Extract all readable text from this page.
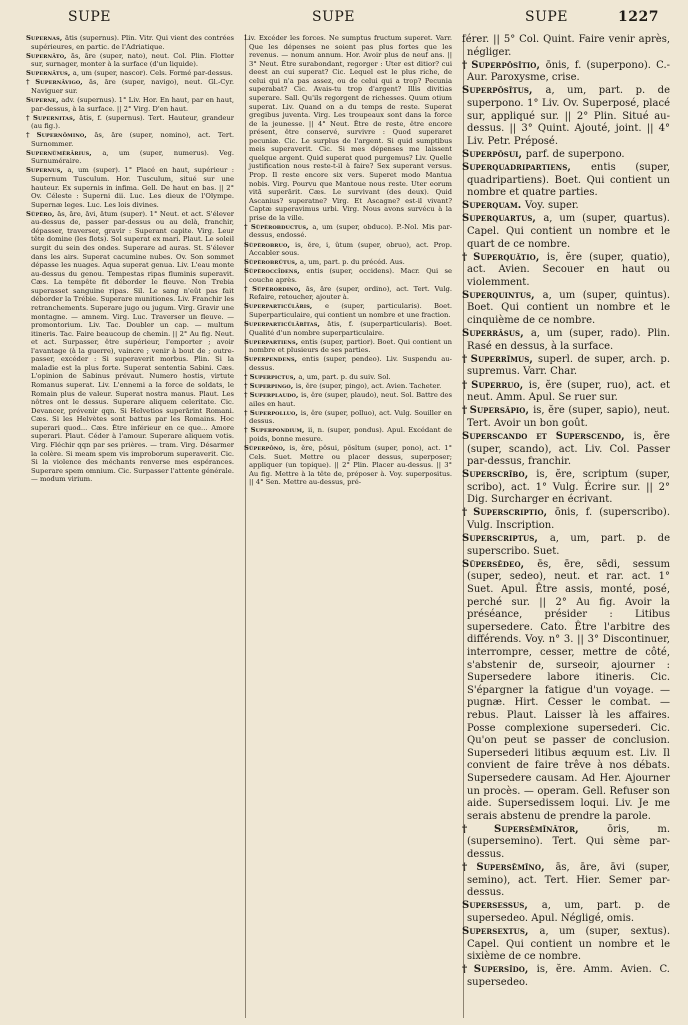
SUPE	SUPE	SUPE	1227

Supernas, ātis (supernus). Plin. Vitr. Qui vient des contrées supérieures, en partic. de l'Adriatique.

Supernāto, ās, āre (super, nato), neut. Col. Plin. Flotter sur, surnager, monter à la surface (d'un liquide).

Supernātus, a, um (super, nascor). Cels. Formé par-dessus.

† Supernāvigo, ās, āre (super, navigo), neut. Gl.-Cyr. Naviguer sur.

Superne, adv. (supernus). 1° Liv. Hor. En haut, par en haut, par-dessus, à la surface. || 2° Virg. D'en haut.

† Supernitas, ātis, f. (supernus). Tert. Hauteur, grandeur (au fig.).

† Supernōmino, ās, āre (super, nomino), act. Tert. Surnommer.

Supernŭmĕrārius, a, um (super, numerus). Veg. Surnuméraire.

Supernus, a, um (super). 1° Placé en haut, supérieur : Supernum Tusculum. Hor. Tusculum, situé sur une hauteur. Ex supernis in infima. Gell. De haut en bas. || 2° Ov. Céleste : Superni dii. Luc. Les dieux de l'Olympe. Supernæ leges. Luc. Les lois divines.

Sŭpĕro, ās, āre, āvi, ātum (super). 1° Neut. et act. S'élever au-dessus de, passer par-dessus ou au delà, franchir, dépasser, traverser, gravir : Superant capite. Virg. Leur tête domine (les flots). Sol superat ex mari. Plaut. Le soleil surgit du sein des ondes. Superare ad auras. St. S'élever dans les airs. Superat cacumine nubes. Ov. Son sommet dépasse les nuages. Aqua superat genua. Liv. L'eau monte au-dessus du genou. Tempestas ripas fluminis superavit. Cæs. La tempête fit déborder le fleuve. Non Trebia superasset sanguine ripas. Sil. Le sang n'eût pas fait déborder la Trébie. Superare munitiones. Liv. Franchir les retranchements. Superare jugo ou jugum. Virg. Gravir une montagne. — amnem. Virg. Luc. Traverser un fleuve. — promontorium. Liv. Tac. Doubler un cap. — multum itineris. Tac. Faire beaucoup de chemin. || 2° Au fig. Neut. et act. Surpasser, être supérieur, l'emporter ; avoir l'avantage (à la guerre), vaincre ; venir à bout de ; outre-passer, excéder : Si superaverit morbus. Plin. Si la maladie est la plus forte. Superat sententia Sabini. Cæs. L'opinion de Sabinus prévaut. Numero hostis, virtute Romanus superat. Liv. L'ennemi a la force de soldats, le Romain plus de valeur. Superat nostra manus. Plaut. Les nôtres ont le dessus. Superare aliquem celeritate. Cic. Devancer, prévenir qqn. Si Helvetios superārint Romani. Cæs. Si les Helvètes sont battus par les Romains. Hoc superari quod... Cæs. Être inférieur en ce que... Amore superari. Plaut. Céder à l'amour. Superare aliquem votis. Virg. Fléchir qqn par ses prières. — tram. Virg. Désarmer la colère. Si meam spem vis improborum superaverit. Cic. Si la violence des méchants renverse mes espérances. Superare spem omnium. Cic. Surpasser l'attente générale. — modum virium.

Liv. Excéder les forces. Ne sumptus fructum superet. Varr. Que les dépenses ne soient pas plus fortes que les revenus. — nonum annum. Hor. Avoir plus de neuf ans. || 3° Neut. Être surabondant, regorger : Uter est ditior? cui deest an cui superat? Cic. Lequel est le plus riche, de celui qui n'a pas assez, ou de celui qui a trop? Pecunia superabat? Cic. Avais-tu trop d'argent? Illis divitias superare. Sall. Qu'ils regorgent de richesses. Quum otium superat. Liv. Quand on a du temps de reste. Superat gregibus juventa. Virg. Les troupeaux sont dans la force de la jeunesse. || 4° Neut. Être de reste, être encore présent, être conservé, survivre : Quod superaret pecuniæ. Cic. Le surplus de l'argent. Si quid sumptibus meis superaverit. Cic. Si mes dépenses me laissent quelque argent. Quid superat quod purgemus? Liv. Quelle justification nous reste-t-il à faire? Sex superant versus. Prop. Il reste encore six vers. Superet modo Mantua nobis. Virg. Pourvu que Mantoue nous reste. Uter eorum vitā superārit. Cæs. Le survivant (des deux). Quid Ascanius? superatne? Virg. Et Ascagne? est-il vivant? Captæ superavimus urbi. Virg. Nous avons survécu à la prise de la ville.

† Sŭpĕrobductus, a, um (super, obduco). P.-Nol. Mis par-dessus, endossé.

Sŭpĕrobruo, is, ĕre, i, ŭtum (super, obruo), act. Prop. Accabler sous.

Sŭpĕrobrŭtus, a, um, part. p. du précéd. Aus.

Sŭpĕroccīdens, entis (super, occidens). Macr. Qui se couche après.

† Sŭpĕrordino, ās, āre (super, ordino), act. Tert. Vulg. Refaire, retoucher, ajouter à.

Superparticŭlāris, e (super, particularis). Boet. Superparticulaire, qui contient un nombre et une fraction.

Superparticŭlārĭtas, ātis, f. (superparticularis). Boet. Qualité d'un nombre superparticulaire.

Superpartiens, entis (super, partior). Boet. Qui contient un nombre et plusieurs de ses parties.

Superpendens, entis (super, pendeo). Liv. Suspendu au-dessus.

† Superpictus, a, um, part. p. du suiv. Sol.

† Superpingo, is, ĕre (super, pingo), act. Avien. Tacheter.

† Superplaudo, is, ĕre (super, plaudo), neut. Sol. Battre des ailes en haut.

† Superpolluo, is, ĕre (super, polluo), act. Vulg. Souiller en dessus.

† Superpondium, ii, n. (super, pondus). Apul. Excédant de poids, bonne mesure.

Sŭperpōno, is, ĕre, pŏsui, pŏsĭtum (super, pono), act. 1° Cels. Suet. Mettre ou placer dessus, superposer; appliquer (un topique). || 2° Plin. Placer au-dessus. || 3° Au fig. Mettre à la tête de, préposer à. Voy. superpositus. || 4° Sen. Mettre au-dessus, pré-

férer. || 5° Col. Quint. Faire venir après, négliger.

† Superpŏsĭtio, ōnis, f. (superpono). C.-Aur. Paroxysme, crise.

Superpŏsĭtus, a, um, part. p. de superpono. 1° Liv. Ov. Superposé, placé sur, appliqué sur. || 2° Plin. Situé au-dessus. || 3° Quint. Ajouté, joint. || 4° Liv. Petr. Préposé.

Superpŏsui, parf. de superpono.

Superquadripartiens, entis (super, quadripartiens). Boet. Qui contient un nombre et quatre parties.

Superquam. Voy. super.

Superquartus, a, um (super, quartus). Capel. Qui contient un nombre et le quart de ce nombre.

† Superquătio, is, ĕre (super, quatio), act. Avien. Secouer en haut ou violemment.

Superquintus, a, um (super, quintus). Boet. Qui contient un nombre et le cinquième de ce nombre.

Superrāsus, a, um (super, rado). Plin. Rasé en dessus, à la surface.

† Superrĭmus, superl. de super, arch. p. supremus. Varr. Char.

† Superruo, is, ĕre (super, ruo), act. et neut. Amm. Apul. Se ruer sur.

† Supersăpio, is, ĕre (super, sapio), neut. Tert. Avoir un bon goût.

Superscando et Superscendo, is, ĕre (super, scando), act. Liv. Col. Passer par-dessus, franchir.

Superscrībo, is, ĕre, scriptum (super, scribo), act. 1° Vulg. Écrire sur. || 2° Dig. Surcharger en écrivant.

† Superscriptio, ōnis, f. (superscribo). Vulg. Inscription.

Superscriptus, a, um, part. p. de superscribo. Suet.

Sŭpersĕdeo, ēs, ēre, sēdi, sessum (super, sedeo), neut. et rar. act. 1° Suet. Apul. Être assis, monté, posé, perché sur. || 2° Au fig. Avoir la préséance, présider : Litibus supersedere. Cato. Être l'arbitre des différends. Voy. n° 3. || 3° Discontinuer, interrompre, cesser, mettre de côté, s'abstenir de, surseoir, ajourner : Supersedere labore itineris. Cic. S'épargner la fatigue d'un voyage. — pugnæ. Hirt. Cesser le combat. — rebus. Plaut. Laisser là les affaires. Posse complexione supersederi. Cic. Qu'on peut se passer de conclusion. Supersederi litibus æquum est. Liv. Il convient de faire trêve à nos débats. Supersedere causam. Ad Her. Ajourner un procès. — operam. Gell. Refuser son aide. Supersedissem loqui. Liv. Je me serais abstenu de prendre la parole.

† Supersēmĭnātor, ōris, m. (supersemino). Tert. Qui sème par-dessus.

† Supersēmĭno, ās, āre, āvi (super, semino), act. Tert. Hier. Semer par-dessus.

Supersessus, a, um, part. p. de supersedeo. Apul. Négligé, omis.

Supersextus, a, um (super, sextus). Capel. Qui contient un nombre et le sixième de ce nombre.

† Supersīdo, is, ĕre. Amm. Avien. C. supersedeo.
